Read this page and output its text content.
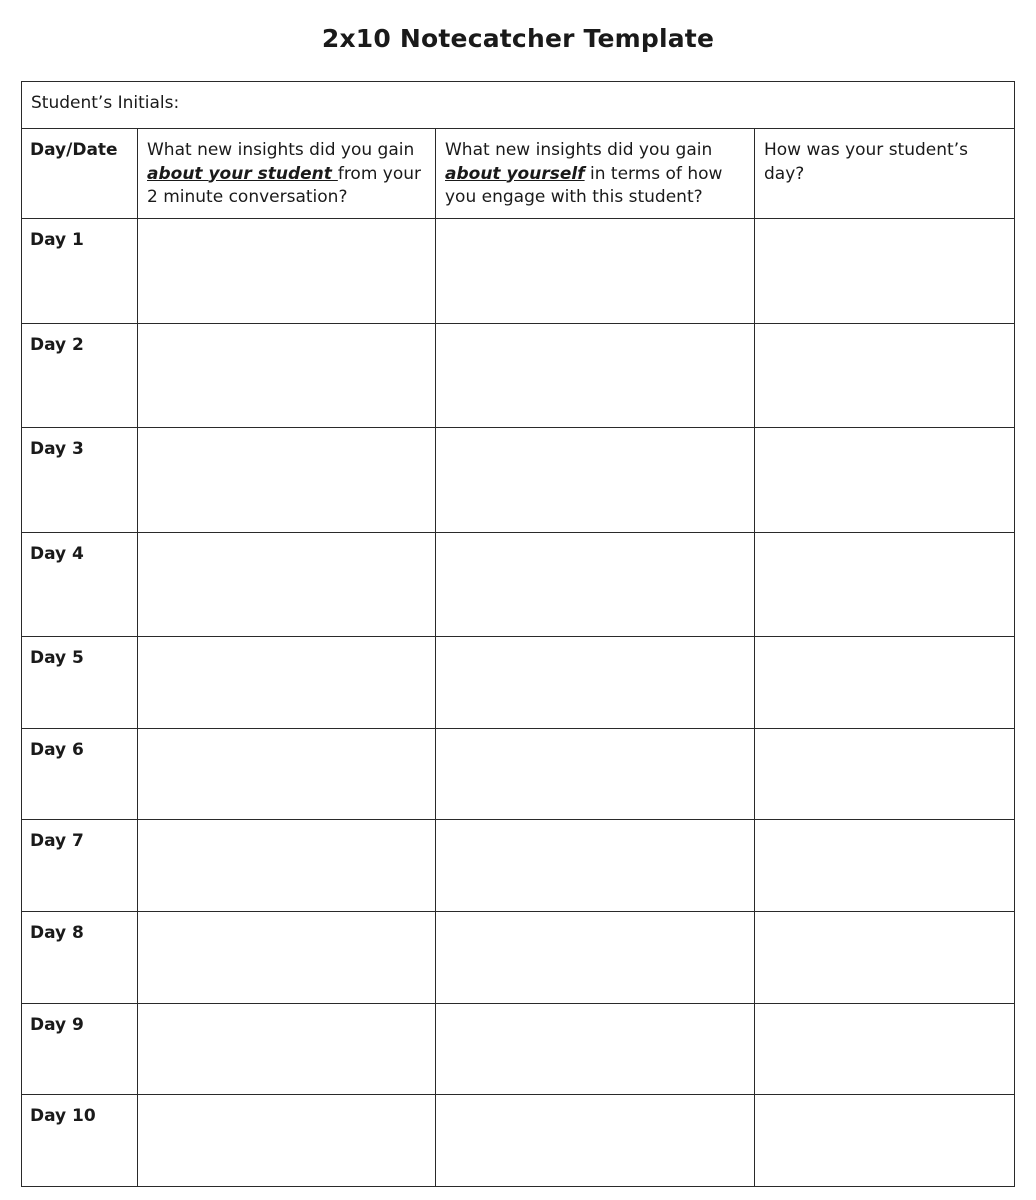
2x10 Notecatcher Template
Student’s Initials:			

Day/Date	What new insights did you gain about your student from your 2 minute conversation?	What new insights did you gain about yourself in terms of how you engage with this student?	How was your student’s day?

Day 1			

Day 2			

Day 3			

Day 4			

Day 5			

Day 6			

Day 7			

Day 8			

Day 9			

Day 10			
